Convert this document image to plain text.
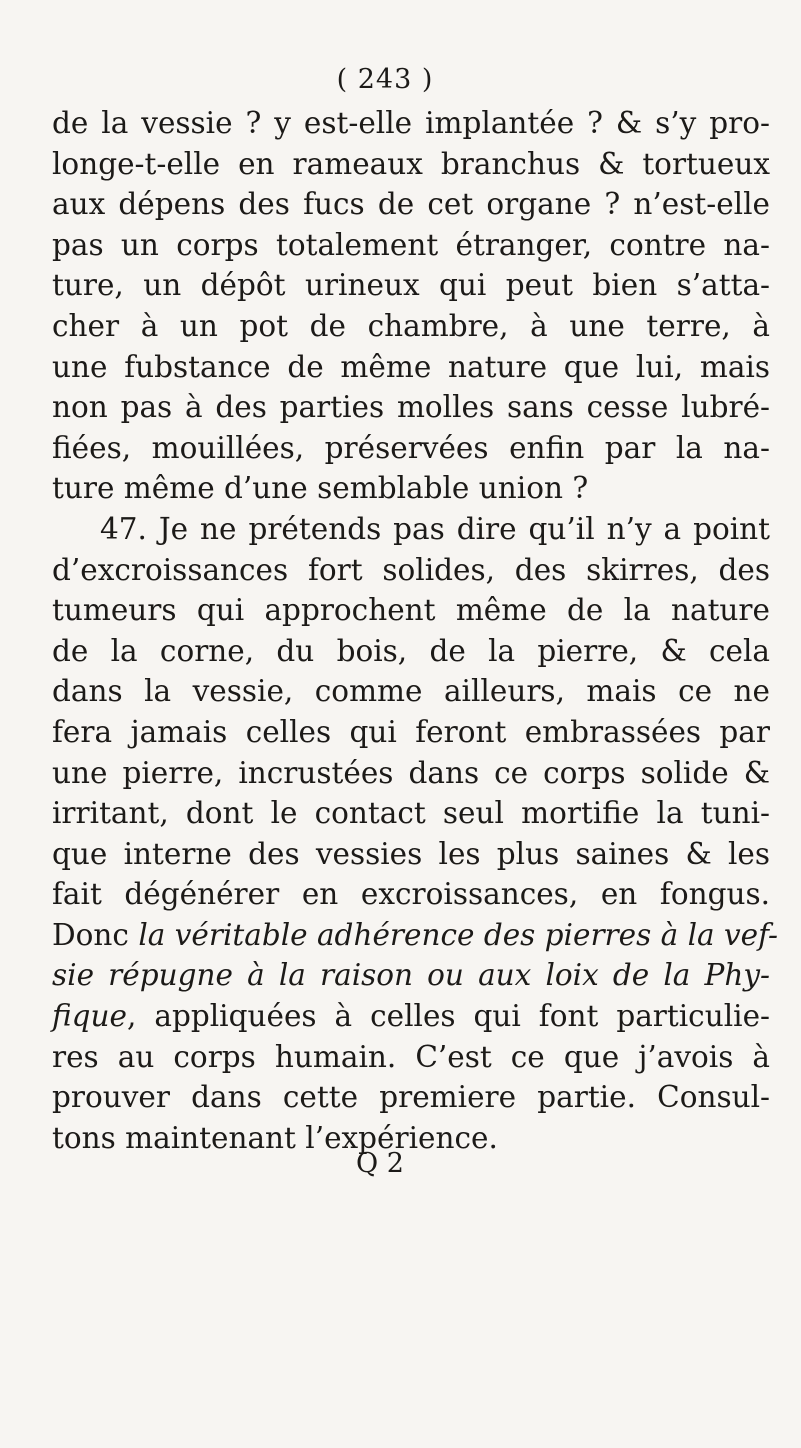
( 243 )
de la vessie ? y est-elle implantée ? & s’y pro-
longe-t-elle en rameaux branchus & tortueux
aux dépens des fucs de cet organe ? n’est-elle
pas un corps totalement étranger, contre na-
ture, un dépôt urineux qui peut bien s’atta-
cher à un pot de chambre, à une terre, à
une fubstance de même nature que lui, mais
non pas à des parties molles sans cesse lubré-
fiées, mouillées, préservées enfin par la na-
ture même d’une semblable union ?
47. Je ne prétends pas dire qu’il n’y a point
d’excroissances fort solides, des skirres, des
tumeurs qui approchent même de la nature
de la corne, du bois, de la pierre, & cela
dans la vessie, comme ailleurs, mais ce ne
fera jamais celles qui feront embrassées par
une pierre, incrustées dans ce corps solide &
irritant, dont le contact seul mortifie la tuni-
que interne des vessies les plus saines & les
fait dégénérer en excroissances, en fongus.
Donc la véritable adhérence des pierres à la vef-
sie répugne à la raison ou aux loix de la Phy-
fique, appliquées à celles qui font particulie-
res au corps humain. C’est ce que j’avois à
prouver dans cette premiere partie. Consul-
tons maintenant l’expérience.
Q 2
